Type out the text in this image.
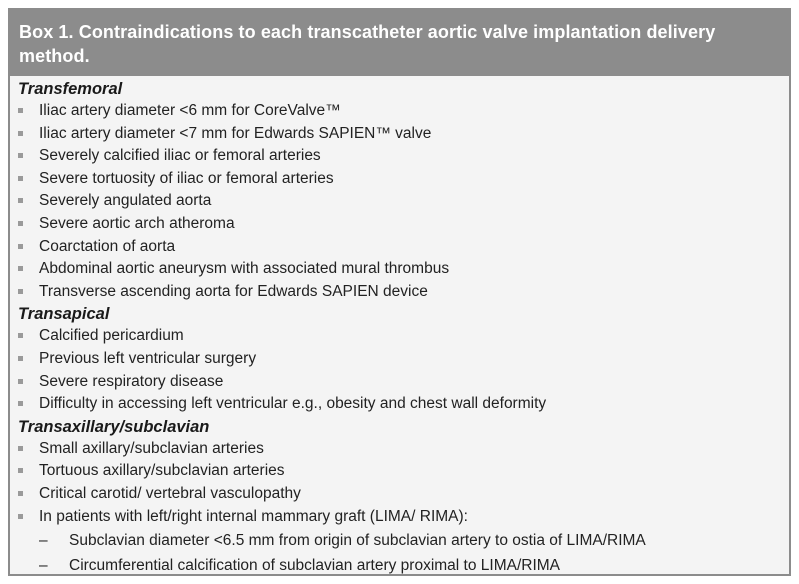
Box 1. Contraindications to each transcatheter aortic valve implantation delivery method.
Transfemoral
Iliac artery diameter <6 mm for CoreValve™
Iliac artery diameter <7 mm for Edwards SAPIEN™ valve
Severely calcified iliac or femoral arteries
Severe tortuosity of iliac or femoral arteries
Severely angulated aorta
Severe aortic arch atheroma
Coarctation of aorta
Abdominal aortic aneurysm with associated mural thrombus
Transverse ascending aorta for Edwards SAPIEN device
Transapical
Calcified pericardium
Previous left ventricular surgery
Severe respiratory disease
Difficulty in accessing left ventricular e.g., obesity and chest wall deformity
Transaxillary/subclavian
Small axillary/subclavian arteries
Tortuous axillary/subclavian arteries
Critical carotid/ vertebral vasculopathy
In patients with left/right internal mammary graft (LIMA/ RIMA):
– Subclavian diameter <6.5 mm from origin of subclavian artery to ostia of LIMA/RIMA
– Circumferential calcification of subclavian artery proximal to LIMA/RIMA
